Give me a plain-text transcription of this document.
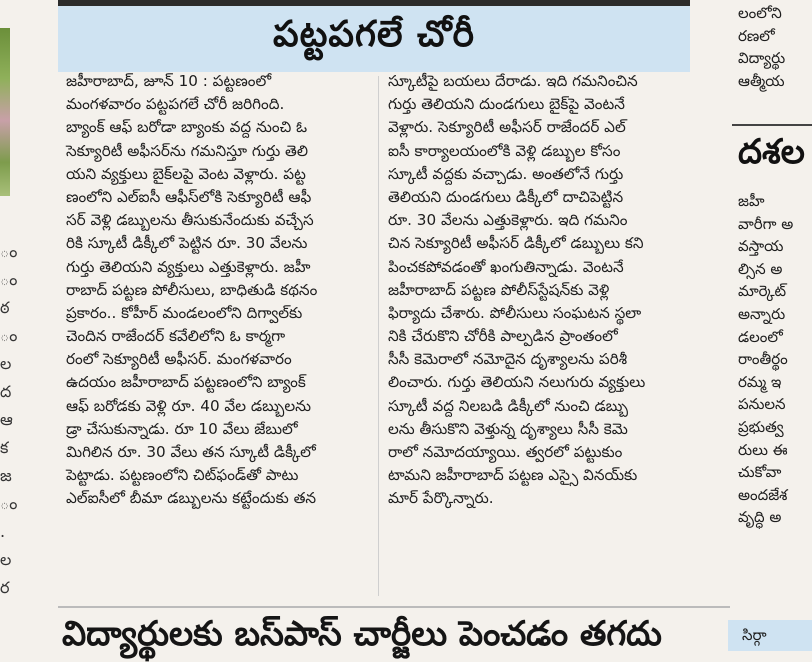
ం
ం
ఠ
ం
ల
ద
ఆ
క
జ
ం
.
ల
ర
పట్టపగలే చోరీ
జహీరాబాద్, జూన్ 10 : పట్టణంలో
మంగళవారం పట్టపగలే చోరీ జరిగింది.
బ్యాంక్ ఆఫ్ బరోడా బ్యాంకు వద్ద నుంచి ఓ
సెక్యూరిటీ అఫీసర్‌ను గమనిస్తూ గుర్తు తెలి
యని వ్యక్తులు బైక్‌లపై వెంట వెళ్లారు. పట్ట
ణంలోని ఎల్‌ఐసీ ఆఫీస్‌లోకి సెక్యూరిటీ ఆఫీ
సర్ వెళ్లి డబ్బులను తీసుకునేందుకు వచ్చేస
రికి స్కూటీ డిక్కీలో పెట్టిన రూ. 30 వేలను
గుర్తు తెలియని వ్యక్తులు ఎత్తుకెళ్లారు. జహీ
రాబాద్ పట్టణ పోలీసులు, బాధితుడి కథనం
ప్రకారం.. కోహీర్ మండలంలోని దిగ్వాల్‌కు
చెందిన రాజేందర్ కవేలిలోని ఓ కార్మగా
రంలో సెక్యూరిటీ అఫీసర్. మంగళవారం
ఉదయం జహీరాబాద్ పట్టణంలోని బ్యాంక్
ఆఫ్ బరోడకు వెళ్లి రూ. 40 వేల డబ్బులను
డ్రా చేసుకున్నాడు. రూ 10 వేలు జేబులో
మిగిలిన రూ. 30 వేలు తన స్కూటీ డిక్కీలో
పెట్టాడు. పట్టణంలోని చిట్‌ఫండ్‌తో పాటు
ఎల్‌ఐసీలో బీమా డబ్బులను కట్టేందుకు తన
స్కూటీపై బయలు దేరాడు. ఇది గమనించిన
గుర్తు తెలియని దుండగులు బైక్‌పై వెంటనే
వెళ్లారు. సెక్యూరిటీ అఫీసర్ రాజేందర్ ఎల్
ఐసీ కార్యాలయంలోకి వెళ్లి డబ్బుల కోసం
స్కూటీ వద్దకు వచ్చాడు. అంతలోనే గుర్తు
తెలియని దుండగులు డిక్కీలో దాచిపెట్టిన
రూ. 30 వేలను ఎత్తుకెళ్లారు. ఇది గమనిం
చిన సెక్యూరిటీ అఫీసర్ డిక్కీలో డబ్బులు కని
పించకపోవడంతో ఖంగుతిన్నాడు. వెంటనే
జహీరాబాద్ పట్టణ పోలీస్‌స్టేషన్‌కు వెళ్లి
ఫిర్యాదు చేశారు. పోలీసులు సంఘటన స్థలా
నికి చేరుకొని చోరీకి పాల్పడిన ప్రాంతంలో
సీసీ కెమెరాలో నమోదైన దృశ్యాలను పరిశీ
లించారు. గుర్తు తెలియని నలుగురు వ్యక్తులు
స్కూటీ వద్ద నిలబడి డిక్కీలో నుంచి డబ్బు
లను తీసుకొని వెళ్తున్న దృశ్యాలు సీసీ కెమె
రాలో నమోదయ్యాయి. త్వరలో పట్టుకుం
టామని జహీరాబాద్ పట్టణ ఎస్సై వినయ్‌కు
మార్ పేర్కొన్నారు.
విద్యార్థులకు బస్‌పాస్ చార్జీలు పెంచడం తగదు
లంలోని
రణలో
విద్యార్థు
ఆత్మీయ
దశల
జహీ
వారీగా అ
వస్తాయ
ల్సిన అ
మార్కెట్
అన్నారు
డలంలో
రాంతీర్థం
రమ్మ ఇ
పనులన
ప్రభుత్వ
రులు ఈ
చుకోవా
అందజేశ
వృద్ధి అ
సిర్గా
